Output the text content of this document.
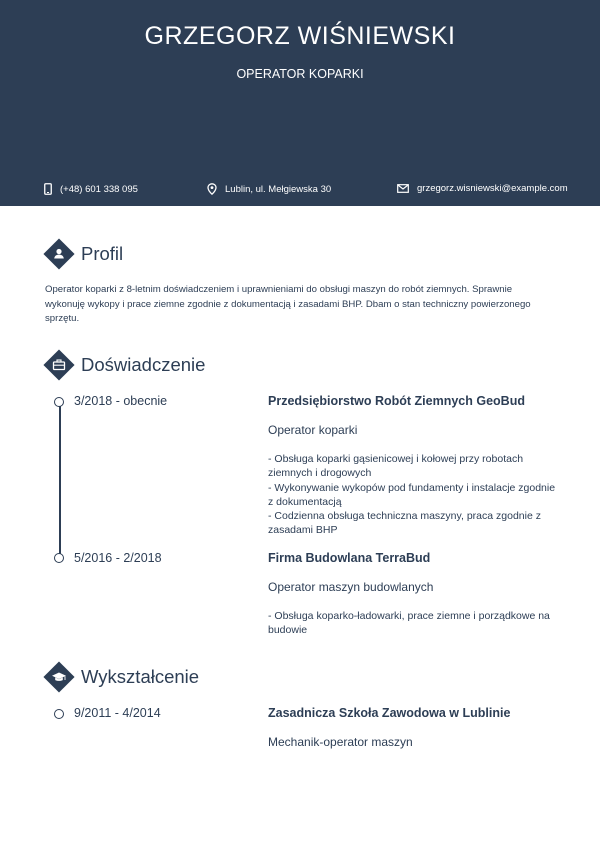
GRZEGORZ WIŚNIEWSKI
OPERATOR KOPARKI
(+48) 601 338 095	Lublin, ul. Mełgiewska 30	grzegorz.wisniewski@example.com
Profil
Operator koparki z 8-letnim doświadczeniem i uprawnieniami do obsługi maszyn do robót ziemnych. Sprawnie wykonuję wykopy i prace ziemne zgodnie z dokumentacją i zasadami BHP. Dbam o stan techniczny powierzonego sprzętu.
Doświadczenie
3/2018 - obecnie	Przedsiębiorstwo Robót Ziemnych GeoBud
Operator koparki
- Obsługa koparki gąsienicowej i kołowej przy robotach ziemnych i drogowych
- Wykonywanie wykopów pod fundamenty i instalacje zgodnie z dokumentacją
- Codzienna obsługa techniczna maszyny, praca zgodnie z zasadami BHP
5/2016 - 2/2018	Firma Budowlana TerraBud
Operator maszyn budowlanych
- Obsługa koparko-ładowarki, prace ziemne i porządkowe na budowie
Wykształcenie
9/2011 - 4/2014	Zasadnicza Szkoła Zawodowa w Lublinie
Mechanik-operator maszyn
